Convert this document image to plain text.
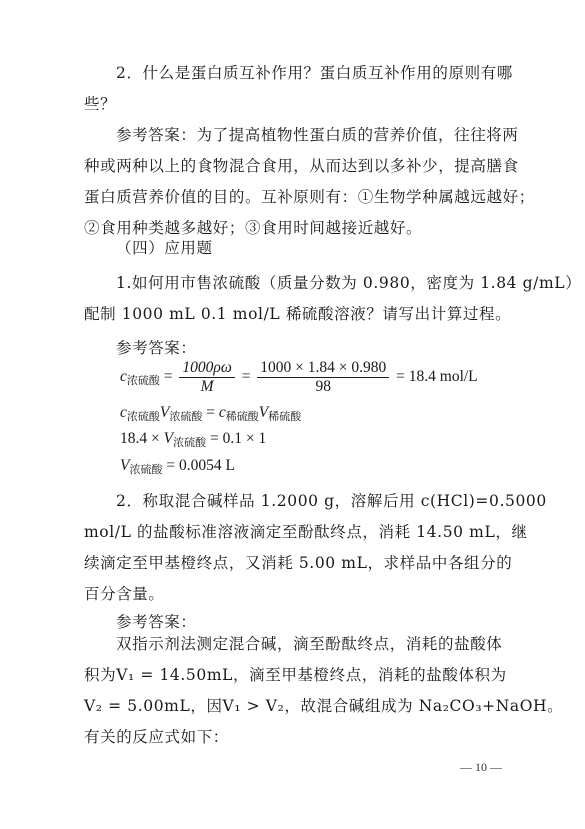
2．什么是蛋白质互补作用？蛋白质互补作用的原则有哪
些？
参考答案：为了提高植物性蛋白质的营养价值，往往将两
种或两种以上的食物混合食用，从而达到以多补少，提高膳食
蛋白质营养价值的目的。互补原则有：①生物学种属越远越好；
②食用种类越多越好；③食用时间越接近越好。
（四）应用题
1.如何用市售浓硫酸（质量分数为 0.980，密度为 1.84 g/mL）
配制 1000 mL 0.1 mol/L 稀硫酸溶液？请写出计算过程。
参考答案：
$c_{浓硫酸} = \frac{1000\rho\omega}{M} = \frac{1000 \times 1.84 \times 0.980}{98} = 18.4$ mol/L
$c_{浓硫酸}V_{浓硫酸} = c_{稀硫酸}V_{稀硫酸}$
$18.4 \times V_{浓硫酸} = 0.1 \times 1$
$V_{浓硫酸} = 0.0054$ L
2．称取混合碱样品 1.2000 g，溶解后用 c(HCl)=0.5000
mol/L 的盐酸标准溶液滴定至酚酞终点，消耗 14.50 mL，继
续滴定至甲基橙终点，又消耗 5.00 mL，求样品中各组分的
百分含量。
参考答案：
双指示剂法测定混合碱，滴至酚酞终点，消耗的盐酸体
积为V₁ = 14.50mL，滴至甲基橙终点，消耗的盐酸体积为
V₂ = 5.00mL，因V₁ > V₂，故混合碱组成为 Na₂CO₃+NaOH。
有关的反应式如下：
— 10 —
